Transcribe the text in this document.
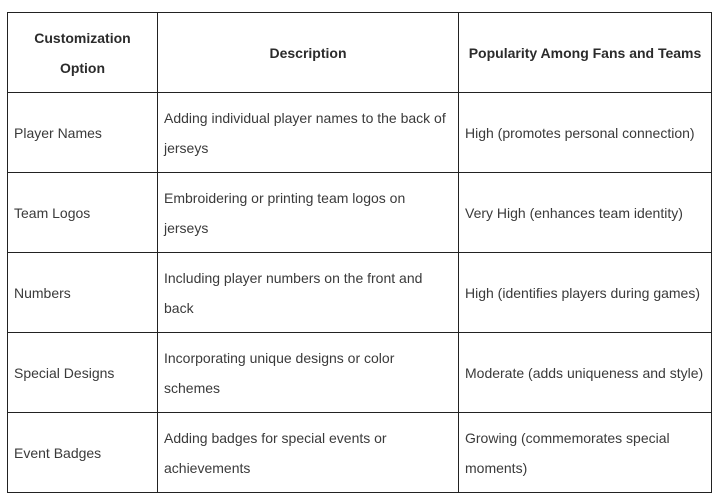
Customization Option	Description	Popularity Among Fans and Teams
Player Names	Adding individual player names to the back of jerseys	High (promotes personal connection)
Team Logos	Embroidering or printing team logos on jerseys	Very High (enhances team identity)
Numbers	Including player numbers on the front and back	High (identifies players during games)
Special Designs	Incorporating unique designs or color schemes	Moderate (adds uniqueness and style)
Event Badges	Adding badges for special events or achievements	Growing (commemorates special moments)
